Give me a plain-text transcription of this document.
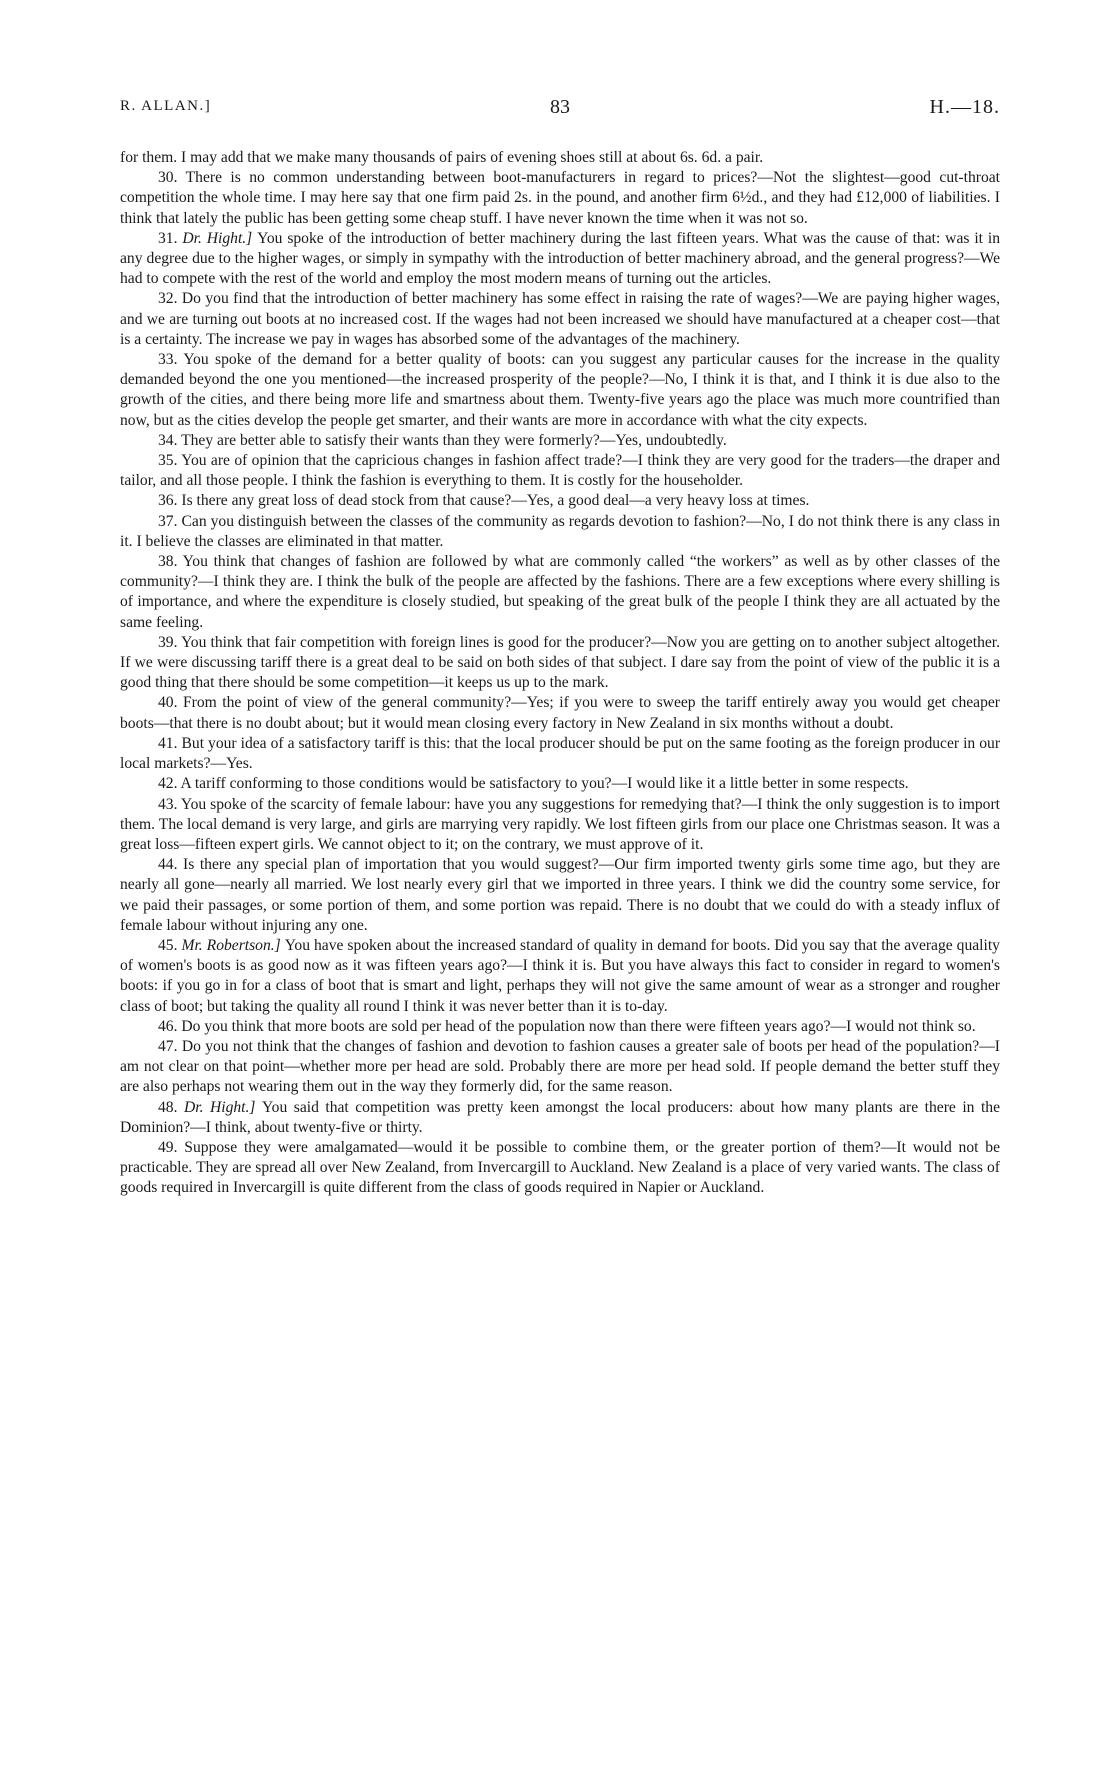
R. ALLAN.]	83	H.—18.

for them. I may add that we make many thousands of pairs of evening shoes still at about 6s. 6d. a pair.

30. There is no common understanding between boot-manufacturers in regard to prices?—Not the slightest—good cut-throat competition the whole time. I may here say that one firm paid 2s. in the pound, and another firm 6½d., and they had £12,000 of liabilities. I think that lately the public has been getting some cheap stuff. I have never known the time when it was not so.

31. Dr. Hight.] You spoke of the introduction of better machinery during the last fifteen years. What was the cause of that: was it in any degree due to the higher wages, or simply in sympathy with the introduction of better machinery abroad, and the general progress?—We had to compete with the rest of the world and employ the most modern means of turning out the articles.

32. Do you find that the introduction of better machinery has some effect in raising the rate of wages?—We are paying higher wages, and we are turning out boots at no increased cost. If the wages had not been increased we should have manufactured at a cheaper cost—that is a certainty. The increase we pay in wages has absorbed some of the advantages of the machinery.

33. You spoke of the demand for a better quality of boots: can you suggest any particular causes for the increase in the quality demanded beyond the one you mentioned—the increased prosperity of the people?—No, I think it is that, and I think it is due also to the growth of the cities, and there being more life and smartness about them. Twenty-five years ago the place was much more countrified than now, but as the cities develop the people get smarter, and their wants are more in accordance with what the city expects.

34. They are better able to satisfy their wants than they were formerly?—Yes, undoubtedly.

35. You are of opinion that the capricious changes in fashion affect trade?—I think they are very good for the traders—the draper and tailor, and all those people. I think the fashion is everything to them. It is costly for the householder.

36. Is there any great loss of dead stock from that cause?—Yes, a good deal—a very heavy loss at times.

37. Can you distinguish between the classes of the community as regards devotion to fashion?—No, I do not think there is any class in it. I believe the classes are eliminated in that matter.

38. You think that changes of fashion are followed by what are commonly called “the workers” as well as by other classes of the community?—I think they are. I think the bulk of the people are affected by the fashions. There are a few exceptions where every shilling is of importance, and where the expenditure is closely studied, but speaking of the great bulk of the people I think they are all actuated by the same feeling.

39. You think that fair competition with foreign lines is good for the producer?—Now you are getting on to another subject altogether. If we were discussing tariff there is a great deal to be said on both sides of that subject. I dare say from the point of view of the public it is a good thing that there should be some competition—it keeps us up to the mark.

40. From the point of view of the general community?—Yes; if you were to sweep the tariff entirely away you would get cheaper boots—that there is no doubt about; but it would mean closing every factory in New Zealand in six months without a doubt.

41. But your idea of a satisfactory tariff is this: that the local producer should be put on the same footing as the foreign producer in our local markets?—Yes.

42. A tariff conforming to those conditions would be satisfactory to you?—I would like it a little better in some respects.

43. You spoke of the scarcity of female labour: have you any suggestions for remedying that?—I think the only suggestion is to import them. The local demand is very large, and girls are marrying very rapidly. We lost fifteen girls from our place one Christmas season. It was a great loss—fifteen expert girls. We cannot object to it; on the contrary, we must approve of it.

44. Is there any special plan of importation that you would suggest?—Our firm imported twenty girls some time ago, but they are nearly all gone—nearly all married. We lost nearly every girl that we imported in three years. I think we did the country some service, for we paid their passages, or some portion of them, and some portion was repaid. There is no doubt that we could do with a steady influx of female labour without injuring any one.

45. Mr. Robertson.] You have spoken about the increased standard of quality in demand for boots. Did you say that the average quality of women's boots is as good now as it was fifteen years ago?—I think it is. But you have always this fact to consider in regard to women's boots: if you go in for a class of boot that is smart and light, perhaps they will not give the same amount of wear as a stronger and rougher class of boot; but taking the quality all round I think it was never better than it is to-day.

46. Do you think that more boots are sold per head of the population now than there were fifteen years ago?—I would not think so.

47. Do you not think that the changes of fashion and devotion to fashion causes a greater sale of boots per head of the population?—I am not clear on that point—whether more per head are sold. Probably there are more per head sold. If people demand the better stuff they are also perhaps not wearing them out in the way they formerly did, for the same reason.

48. Dr. Hight.] You said that competition was pretty keen amongst the local producers: about how many plants are there in the Dominion?—I think, about twenty-five or thirty.

49. Suppose they were amalgamated—would it be possible to combine them, or the greater portion of them?—It would not be practicable. They are spread all over New Zealand, from Invercargill to Auckland. New Zealand is a place of very varied wants. The class of goods required in Invercargill is quite different from the class of goods required in Napier or Auckland.
